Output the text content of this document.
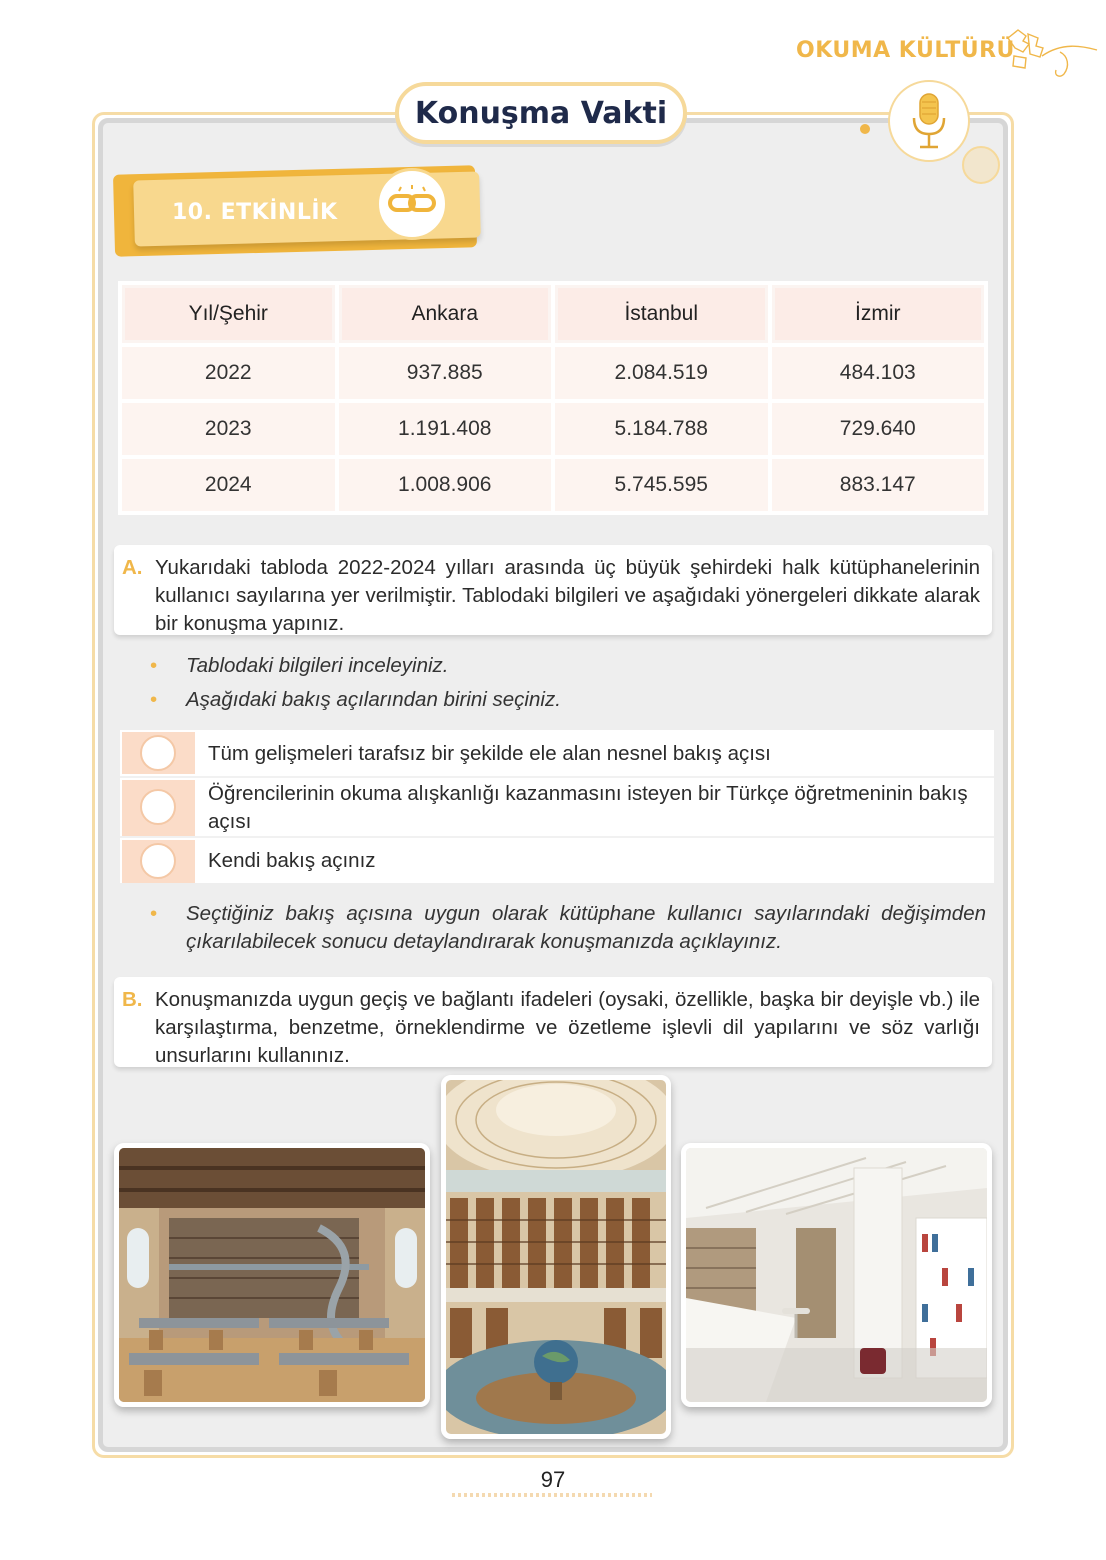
OKUMA KÜLTÜRÜ
Konuşma Vakti
10. ETKİNLİK
Yıl/Şehir	Ankara	İstanbul	İzmir
2022	937.885	2.084.519	484.103
2023	1.191.408	5.184.788	729.640
2024	1.008.906	5.745.595	883.147
A. Yukarıdaki tabloda 2022-2024 yılları arasında üç büyük şehirdeki halk kütüphanelerinin kullanıcı sayılarına yer verilmiştir. Tablodaki bilgileri ve aşağıdaki yönergeleri dikkate alarak bir konuşma yapınız.
• Tablodaki bilgileri inceleyiniz.
• Aşağıdaki bakış açılarından birini seçiniz.
Tüm gelişmeleri tarafsız bir şekilde ele alan nesnel bakış açısı
Öğrencilerinin okuma alışkanlığı kazanmasını isteyen bir Türkçe öğretmeninin bakış açısı
Kendi bakış açınız
• Seçtiğiniz bakış açısına uygun olarak kütüphane kullanıcı sayılarındaki değişimden çıkarılabilecek sonucu detaylandırarak konuşmanızda açıklayınız.
B. Konuşmanızda uygun geçiş ve bağlantı ifadeleri (oysaki, özellikle, başka bir deyişle vb.) ile karşılaştırma, benzetme, örneklendirme ve özetleme işlevli dil yapılarını ve söz varlığı unsurlarını kullanınız.
97
